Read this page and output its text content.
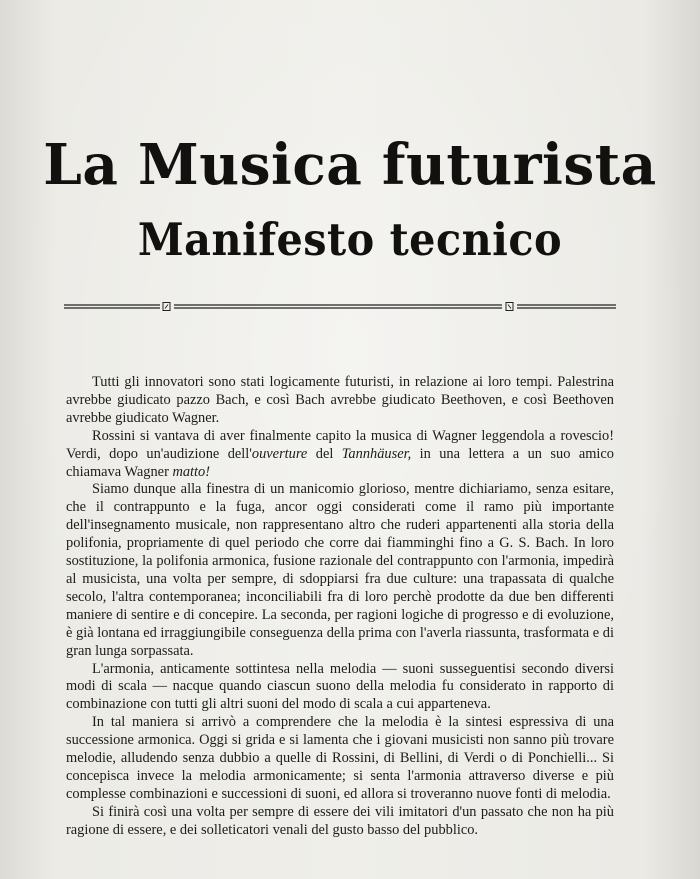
La Musica futurista
Manifesto tecnico

Tutti gli innovatori sono stati logicamente futuristi, in relazione ai loro tempi. Palestrina avrebbe giudicato pazzo Bach, e così Bach avrebbe giudicato Beethoven, e così Beethoven avrebbe giudicato Wagner.

Rossini si vantava di aver finalmente capito la musica di Wagner leggendola a rovescio! Verdi, dopo un'audizione dell'ouverture del Tannhäuser, in una lettera a un suo amico chiamava Wagner matto!

Siamo dunque alla finestra di un manicomio glorioso, mentre dichiariamo, senza esitare, che il contrappunto e la fuga, ancor oggi considerati come il ramo più importante dell'insegnamento musicale, non rappresentano altro che ruderi appartenenti alla storia della polifonia, propriamente di quel periodo che corre dai fiamminghi fino a G. S. Bach. In loro sostituzione, la polifonia armonica, fusione razionale del contrappunto con l'armonia, impedirà al musicista, una volta per sempre, di sdoppiarsi fra due culture: una trapassata di qualche secolo, l'altra contemporanea; inconciliabili fra di loro perchè prodotte da due ben differenti maniere di sentire e di concepire. La seconda, per ragioni logiche di progresso e di evoluzione, è già lontana ed irraggiungibile conseguenza della prima con l'averla riassunta, trasformata e di gran lunga sorpassata.

L'armonia, anticamente sottintesa nella melodia — suoni susseguentisi secondo diversi modi di scala — nacque quando ciascun suono della melodia fu considerato in rapporto di combinazione con tutti gli altri suoni del modo di scala a cui apparteneva.

In tal maniera si arrivò a comprendere che la melodia è la sintesi espressiva di una successione armonica. Oggi si grida e si lamenta che i giovani musicisti non sanno più trovare melodie, alludendo senza dubbio a quelle di Rossini, di Bellini, di Verdi o di Ponchielli... Si concepisca invece la melodia armonicamente; si senta l'armonia attraverso diverse e più complesse combinazioni e successioni di suoni, ed allora si troveranno nuove fonti di melodia.

Si finirà così una volta per sempre di essere dei vili imitatori d'un passato che non ha più ragione di essere, e dei solleticatori venali del gusto basso del pubblico.
